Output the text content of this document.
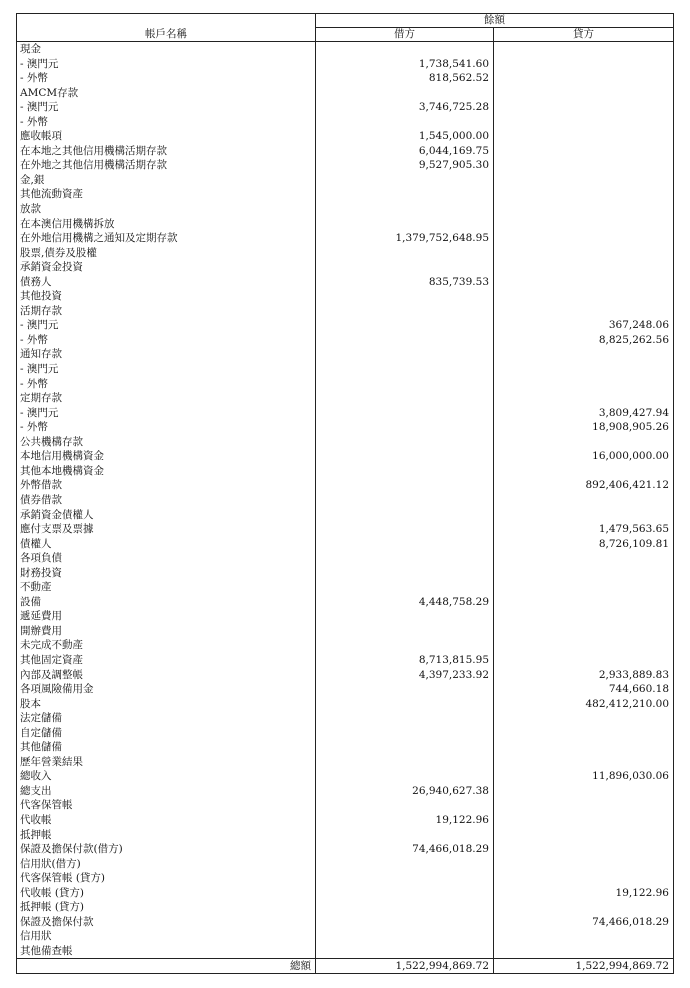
	餘額	
帳戶名稱	借方	貸方
現金		
- 澳門元	1,738,541.60	
- 外幣	818,562.52	
AMCM存款		
- 澳門元	3,746,725.28	
- 外幣		
應收帳項	1,545,000.00	
在本地之其他信用機構活期存款	6,044,169.75	
在外地之其他信用機構活期存款	9,527,905.30	
金,銀		
其他流動資產		
放款		
在本澳信用機構拆放		
在外地信用機構之通知及定期存款	1,379,752,648.95	
股票,債券及股權		
承銷資金投資		
債務人	835,739.53	
其他投資		
活期存款		
- 澳門元		367,248.06
- 外幣		8,825,262.56
通知存款		
- 澳門元		
- 外幣		
定期存款		
- 澳門元		3,809,427.94
- 外幣		18,908,905.26
公共機構存款		
本地信用機構資金		16,000,000.00
其他本地機構資金		
外幣借款		892,406,421.12
債券借款		
承銷資金債權人		
應付支票及票據		1,479,563.65
債權人		8,726,109.81
各項負債		
財務投資		
不動產		
設備	4,448,758.29	
遞延費用		
開辦費用		
未完成不動產		
其他固定資產	8,713,815.95	
內部及調整帳	4,397,233.92	2,933,889.83
各項風險備用金		744,660.18
股本		482,412,210.00
法定儲備		
自定儲備		
其他儲備		
歷年營業結果		
總收入		11,896,030.06
總支出	26,940,627.38	
代客保管帳		
代收帳	19,122.96	
抵押帳		
保證及擔保付款(借方)	74,466,018.29	
信用狀(借方)		
代客保管帳 (貸方)		
代收帳 (貸方)		19,122.96
抵押帳 (貸方)		
保證及擔保付款		74,466,018.29
信用狀		
其他備查帳		
總額	1,522,994,869.72	1,522,994,869.72
